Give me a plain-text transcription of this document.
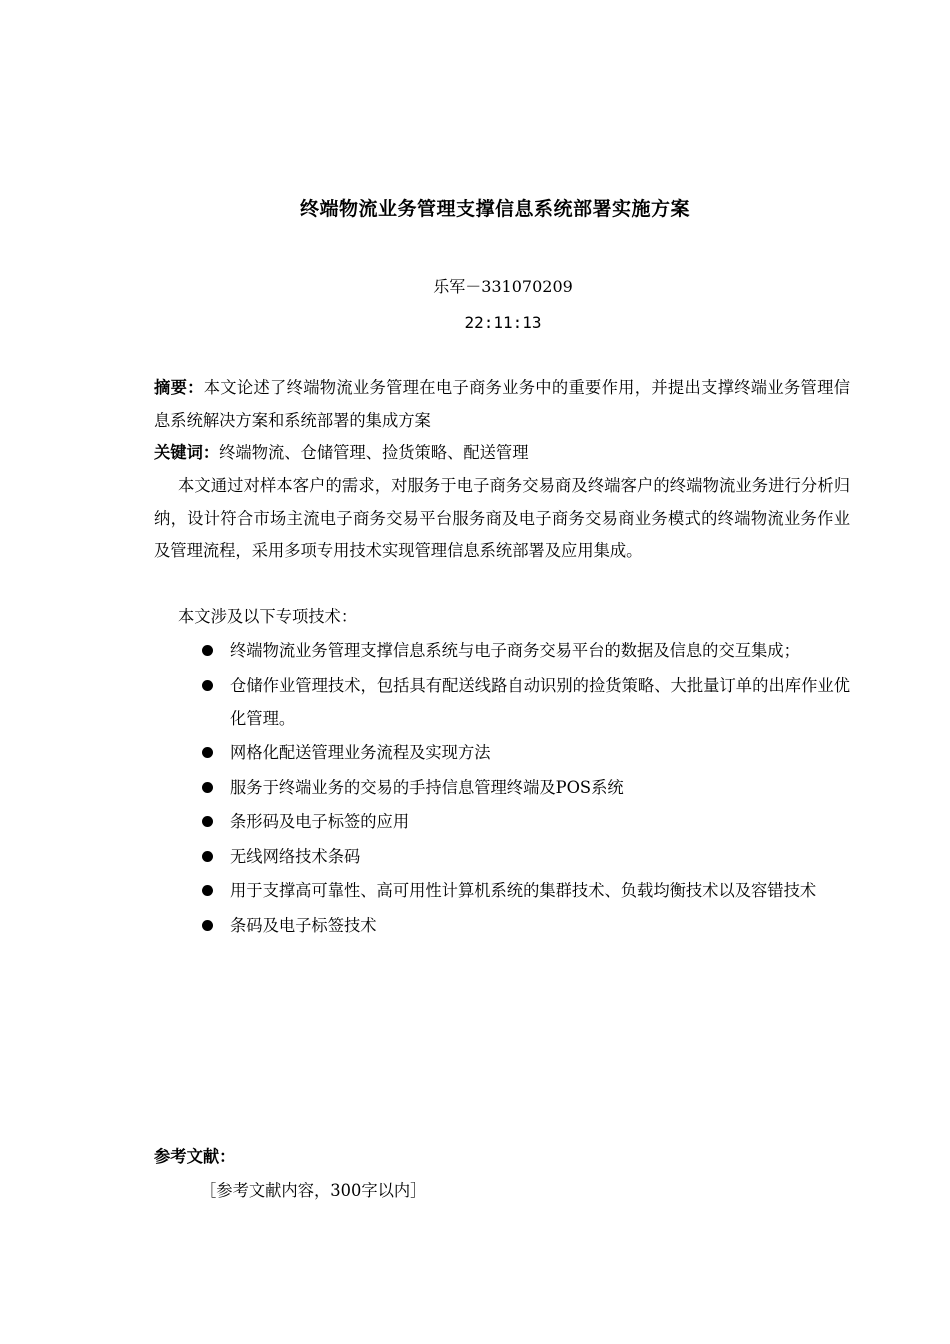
终端物流业务管理支撑信息系统部署实施方案
乐军－331070209
22:11:13
摘要：本文论述了终端物流业务管理在电子商务业务中的重要作用，并提出支撑终端业务管理信息系统解决方案和系统部署的集成方案
关键词：终端物流、仓储管理、捡货策略、配送管理
本文通过对样本客户的需求，对服务于电子商务交易商及终端客户的终端物流业务进行分析归纳，设计符合市场主流电子商务交易平台服务商及电子商务交易商业务模式的终端物流业务作业及管理流程，采用多项专用技术实现管理信息系统部署及应用集成。
本文涉及以下专项技术：
终端物流业务管理支撑信息系统与电子商务交易平台的数据及信息的交互集成；
仓储作业管理技术，包括具有配送线路自动识别的捡货策略、大批量订单的出库作业优化管理。
网格化配送管理业务流程及实现方法
服务于终端业务的交易的手持信息管理终端及POS系统
条形码及电子标签的应用
无线网络技术条码
用于支撑高可靠性、高可用性计算机系统的集群技术、负载均衡技术以及容错技术
条码及电子标签技术
参考文献：
［参考文献内容，300字以内］
